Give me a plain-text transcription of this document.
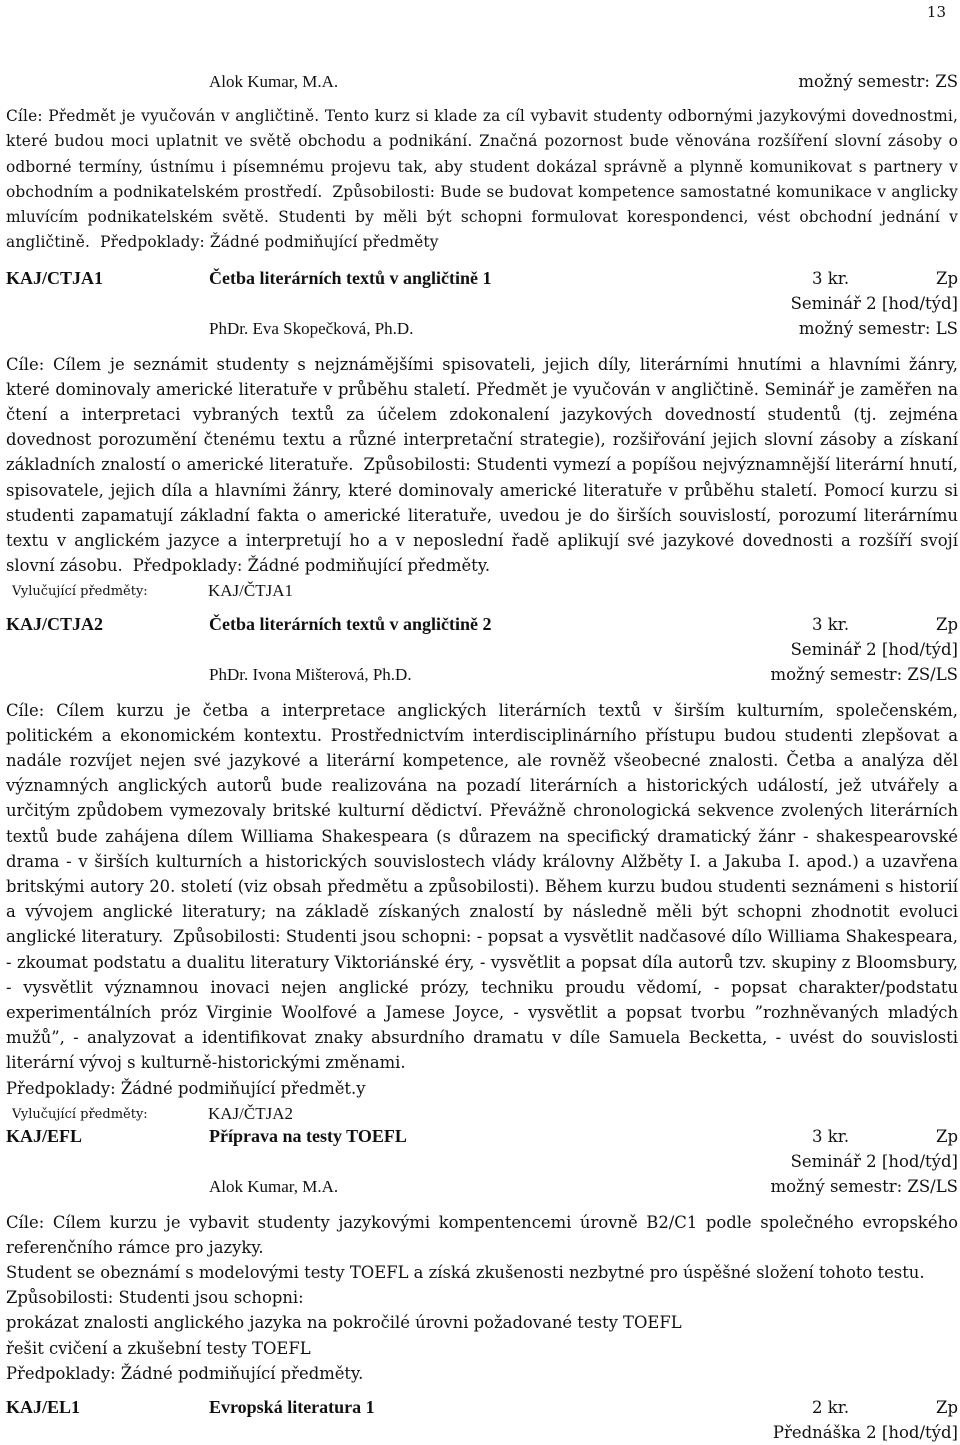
13
Alok Kumar, M.A.	možný semestr: ZS

Cíle: Předmět je vyučován v angličtině. Tento kurz si klade za cíl vybavit studenty odbornými jazykovými dovednostmi, které budou moci uplatnit ve světě obchodu a podnikání. Značná pozornost bude věnována rozšíření slovní zásoby o odborné termíny, ústnímu i písemnému projevu tak, aby student dokázal správně a plynně komunikovat s partnery v obchodním a podnikatelském prostředí. Způsobilosti: Bude se budovat kompetence samostatné komunikace v anglicky mluvícím podnikatelském světě. Studenti by měli být schopni formulovat korespondenci, vést obchodní jednání v angličtině. Předpoklady: Žádné podmiňující předměty

KAJ/CTJA1	Četba literárních textů v angličtině 1	3 kr.	Zp
Seminář 2 [hod/týd]
PhDr. Eva Skopečková, Ph.D.	možný semestr: LS

Cíle: Cílem je seznámit studenty s nejznámějšími spisovateli, jejich díly, literárními hnutími a hlavními žánry, které dominovaly americké literatuře v průběhu staletí. Předmět je vyučován v angličtině. Seminář je zaměřen na čtení a interpretaci vybraných textů za účelem zdokonalení jazykových dovedností studentů (tj. zejména dovednost porozumění čtenému textu a různé interpretační strategie), rozšiřování jejich slovní zásoby a získaní základních znalostí o americké literatuře. Způsobilosti: Studenti vymezí a popíšou nejvýznamnější literární hnutí, spisovatele, jejich díla a hlavními žánry, které dominovaly americké literatuře v průběhu staletí. Pomocí kurzu si studenti zapamatují základní fakta o americké literatuře, uvedou je do širších souvislostí, porozumí literárnímu textu v anglickém jazyce a interpretují ho a v neposlední řadě aplikují své jazykové dovednosti a rozšíří svojí slovní zásobu. Předpoklady: Žádné podmiňující předměty.

Vylučující předměty:	KAJ/ČTJA1
KAJ/CTJA2	Četba literárních textů v angličtině 2	3 kr.	Zp
Seminář 2 [hod/týd]
PhDr. Ivona Mišterová, Ph.D.	možný semestr: ZS/LS

Cíle: Cílem kurzu je četba a interpretace anglických literárních textů v širším kulturním, společenském, politickém a ekonomickém kontextu. Prostřednictvím interdisciplinárního přístupu budou studenti zlepšovat a nadále rozvíjet nejen své jazykové a literární kompetence, ale rovněž všeobecné znalosti. Četba a analýza děl významných anglických autorů bude realizována na pozadí literárních a historických událostí, jež utvářely a určitým způdobem vymezovaly britské kulturní dědictví. Převážně chronologická sekvence zvolených literárních textů bude zahájena dílem Williama Shakespeara (s důrazem na specifický dramatický žánr - shakespearovské drama - v širších kulturních a historických souvislostech vlády královny Alžběty I. a Jakuba I. apod.) a uzavřena britskými autory 20. století (viz obsah předmětu a způsobilosti). Během kurzu budou studenti seznámeni s historií a vývojem anglické literatury; na základě získaných znalostí by následně měli být schopni zhodnotit evoluci anglické literatury. Způsobilosti: Studenti jsou schopni: - popsat a vysvětlit nadčasové dílo Williama Shakespeara, - zkoumat podstatu a dualitu literatury Viktoriánské éry, - vysvětlit a popsat díla autorů tzv. skupiny z Bloomsbury, - vysvětlit významnou inovaci nejen anglické prózy, techniku proudu vědomí, - popsat charakter/podstatu experimentálních próz Virginie Woolfové a Jamese Joyce, - vysvětlit a popsat tvorbu ”rozhněvaných mladých mužů”, - analyzovat a identifikovat znaky absurdního dramatu v díle Samuela Becketta, - uvést do souvislosti literární vývoj s kulturně-historickými změnami.

Předpoklady: Žádné podmiňující předmět.y

Vylučující předměty:	KAJ/ČTJA2
KAJ/EFL	Příprava na testy TOEFL	3 kr.	Zp
Seminář 2 [hod/týd]
Alok Kumar, M.A.	možný semestr: ZS/LS

Cíle: Cílem kurzu je vybavit studenty jazykovými kompentencemi úrovně B2/C1 podle společného evropského referenčního rámce pro jazyky.

Student se obeznámí s modelovými testy TOEFL a získá zkušenosti nezbytné pro úspěšné složení tohoto testu.

Způsobilosti: Studenti jsou schopni:

prokázat znalosti anglického jazyka na pokročilé úrovni požadované testy TOEFL

řešit cvičení a zkušební testy TOEFL

Předpoklady: Žádné podmiňující předměty.

KAJ/EL1	Evropská literatura 1	2 kr.	Zp
Přednáška 2 [hod/týd]
